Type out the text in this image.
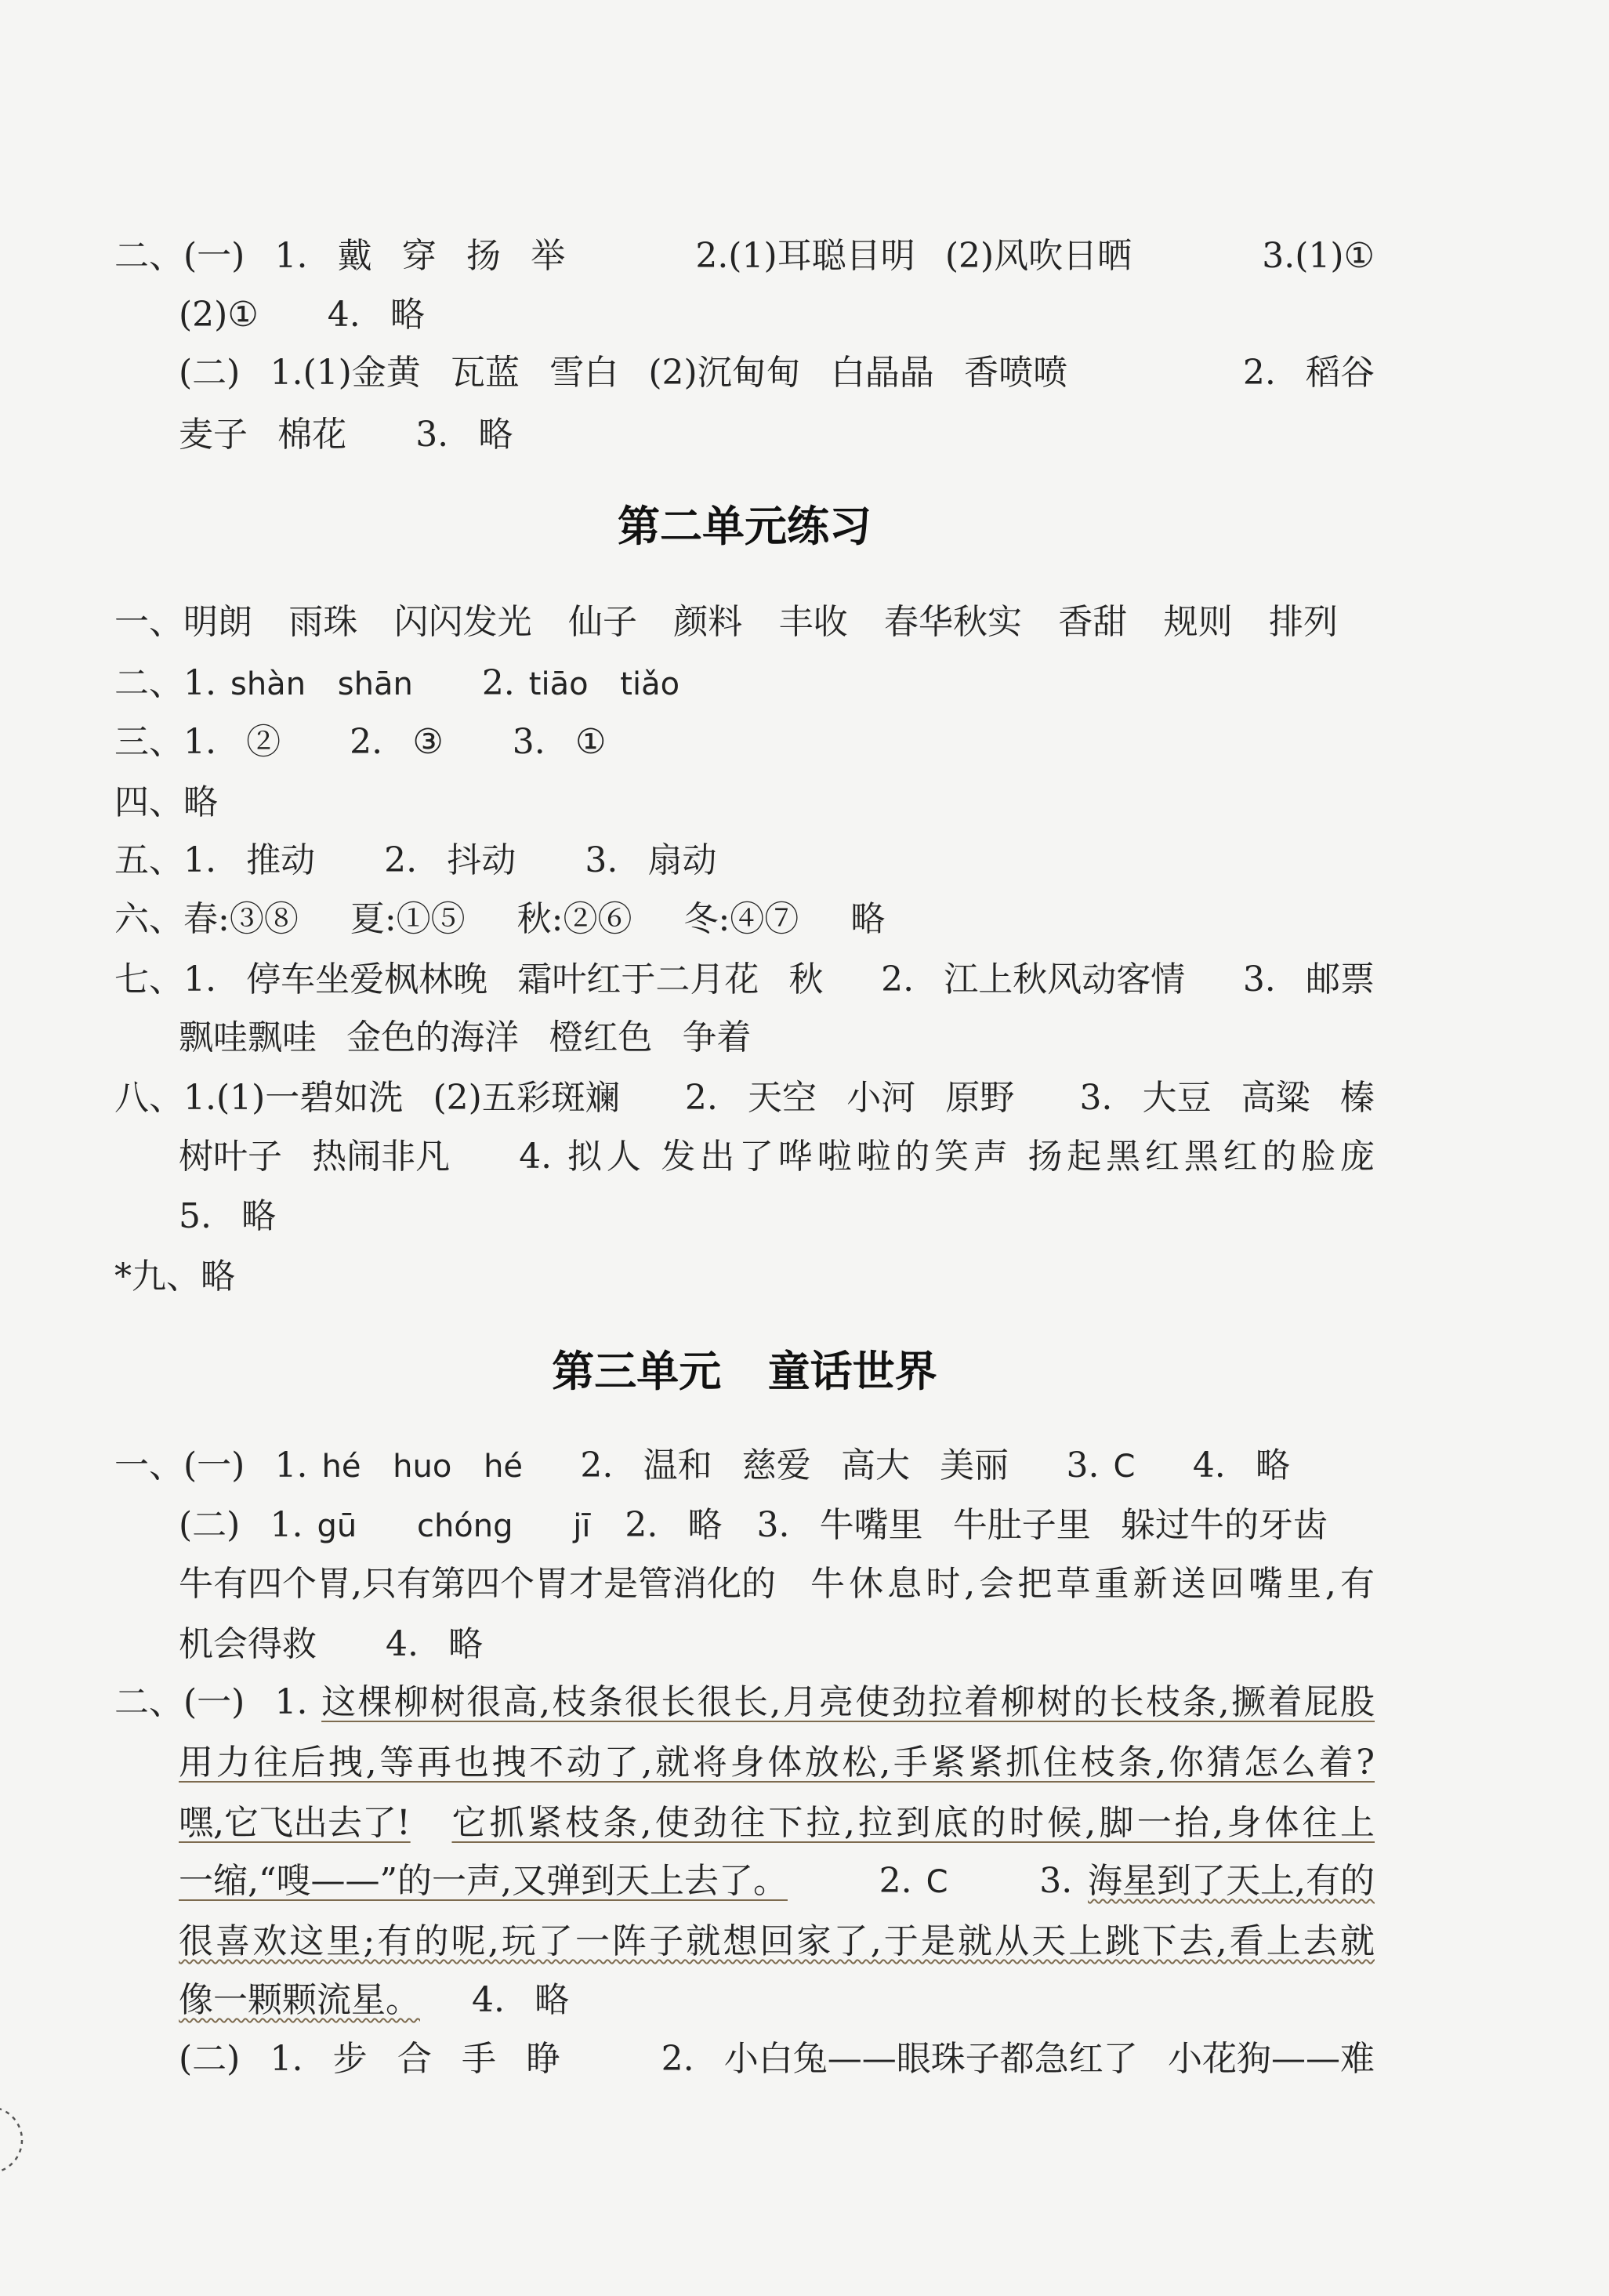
二、(一) 1. 戴 穿 扬 举	2.(1)耳聪目明 (2)风吹日晒	3.(1)①
(2)① 4. 略
(二) 1.(1)金黄 瓦蓝 雪白 (2)沉甸甸 白晶晶 香喷喷	2. 稻谷
麦子 棉花 3. 略
第二单元练习
一、明朗 雨珠 闪闪发光 仙子 颜料 丰收 春华秋实 香甜 规则 排列
二、1. shàn shān 2. tiāo tiǎo
三、1. ② 2. ③ 3. ①
四、略
五、1. 推动 2. 抖动 3. 扇动
六、春:③⑧ 夏:①⑤ 秋:②⑥ 冬:④⑦ 略
七、1. 停车坐爱枫林晚 霜叶红于二月花 秋 2. 江上秋风动客情 3. 邮票
飘哇飘哇 金色的海洋 橙红色 争着
八、1.(1)一碧如洗 (2)五彩斑斓 2. 天空 小河 原野 3. 大豆 高粱 榛
树叶子 热闹非凡 4. 拟人 发出了哗啦啦的笑声 扬起黑红黑红的脸庞
5. 略
*九、略
第三单元 童话世界
一、(一) 1. hé huo hé 2. 温和 慈爱 高大 美丽 3. C 4. 略
(二) 1. gū chóng jī 2. 略 3. 牛嘴里 牛肚子里 躲过牛的牙齿
牛有四个胃,只有第四个胃才是管消化的 牛休息时,会把草重新送回嘴里,有
机会得救 4. 略
二、(一) 1. 这棵柳树很高,枝条很长很长,月亮使劲拉着柳树的长枝条,撅着屁股
用力往后拽,等再也拽不动了,就将身体放松,手紧紧抓住枝条,你猜怎么着?
嘿,它飞出去了! 它抓紧枝条,使劲往下拉,拉到底的时候,脚一抬,身体往上
一缩,“嗖——”的一声,又弹到天上去了。	2. C	3. 海星到了天上,有的
很喜欢这里;有的呢,玩了一阵子就想回家了,于是就从天上跳下去,看上去就
像一颗颗流星。 4. 略
(二) 1. 步 合 手 睁	2. 小白兔——眼珠子都急红了 小花狗——难
